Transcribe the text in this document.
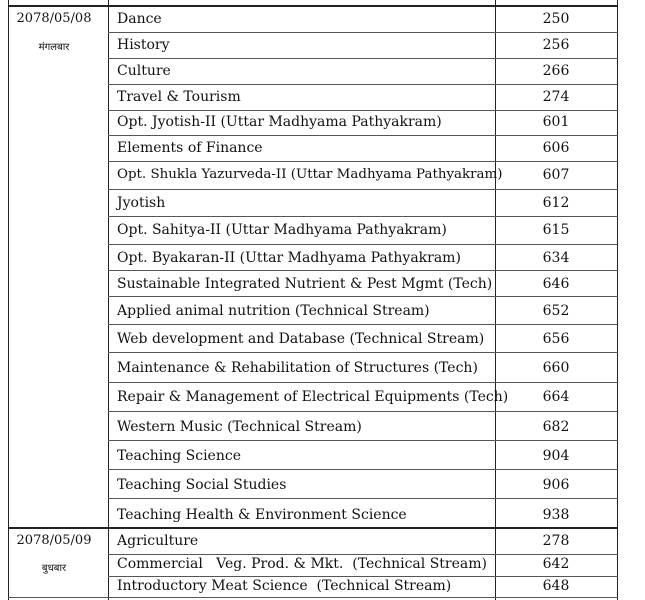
2078/05/08
मंगलबार
Dance	250
History	256
Culture	266
Travel & Tourism	274
Opt. Jyotish-II (Uttar Madhyama Pathyakram)	601
Elements of Finance	606
Opt. Shukla Yazurveda-II (Uttar Madhyama Pathyakram)	607
Jyotish	612
Opt. Sahitya-II (Uttar Madhyama Pathyakram)	615
Opt. Byakaran-II (Uttar Madhyama Pathyakram)	634
Sustainable Integrated Nutrient & Pest Mgmt (Tech)	646
Applied animal nutrition (Technical Stream)	652
Web development and Database (Technical Stream)	656
Maintenance & Rehabilitation of Structures (Tech)	660
Repair & Management of Electrical Equipments (Tech)	664
Western Music (Technical Stream)	682
Teaching Science	904
Teaching Social Studies	906
Teaching Health & Environment Science	938
2078/05/09
बुधबार
Agriculture	278
Commercial   Veg. Prod. & Mkt.  (Technical Stream)	642
Introductory Meat Science  (Technical Stream)	648
